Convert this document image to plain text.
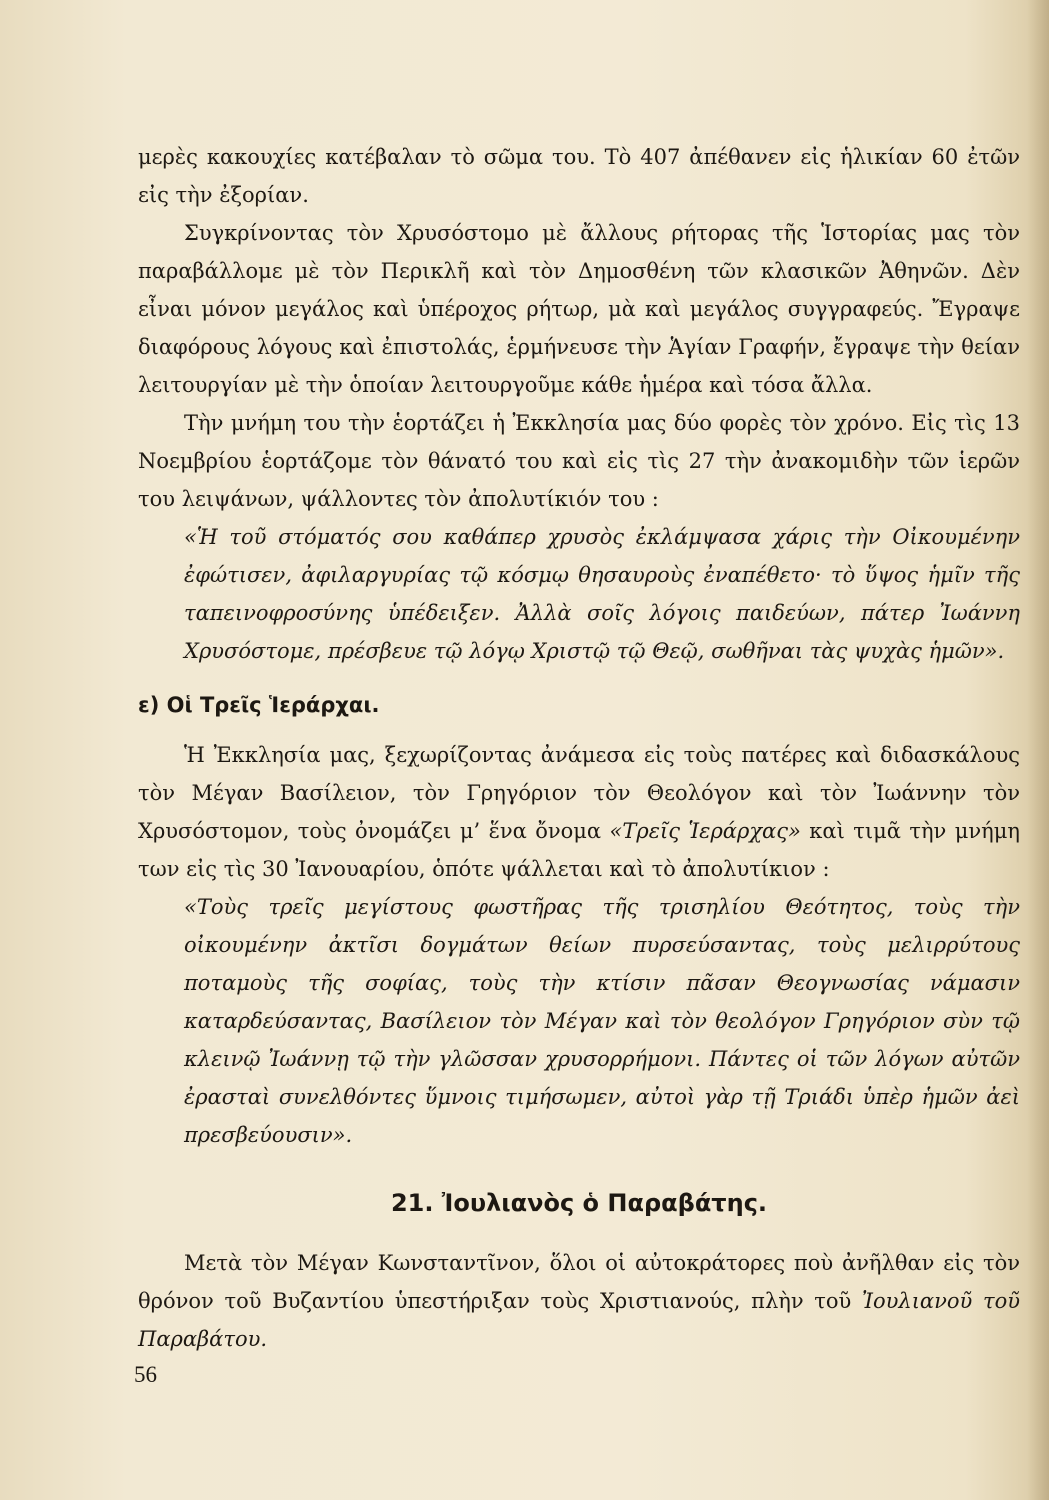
μερὲς κακουχίες κατέβαλαν τὸ σῶμα του. Τὸ 407 ἀπέθανεν εἰς ἡλικίαν 60 ἐτῶν εἰς τὴν ἐξορίαν.

Συγκρίνοντας τὸν Χρυσόστομο μὲ ἄλλους ρήτορας τῆς Ἱστορίας μας τὸν παραβάλλομε μὲ τὸν Περικλῆ καὶ τὸν Δημοσθένη τῶν κλασικῶν Ἀθηνῶν. Δὲν εἶναι μόνον μεγάλος καὶ ὑπέροχος ρήτωρ, μὰ καὶ μεγάλος συγγραφεύς. Ἔγραψε διαφόρους λόγους καὶ ἐπιστολάς, ἑρμήνευσε τὴν Ἁγίαν Γραφήν, ἔγραψε τὴν θείαν λειτουργίαν μὲ τὴν ὁποίαν λειτουργοῦμε κάθε ἡμέρα καὶ τόσα ἄλλα.

Τὴν μνήμη του τὴν ἑορτάζει ἡ Ἐκκλησία μας δύο φορὲς τὸν χρόνο. Εἰς τὶς 13 Νοεμβρίου ἑορτάζομε τὸν θάνατό του καὶ εἰς τὶς 27 τὴν ἀνακομιδὴν τῶν ἱερῶν του λειψάνων, ψάλλοντες τὸν ἀπολυτίκιόν του :

«Ἡ τοῦ στόματός σου καθάπερ χρυσὸς ἐκλάμψασα χάρις τὴν Οἰκουμένην ἐφώτισεν, ἀφιλαργυρίας τῷ κόσμῳ θησαυροὺς ἐναπέθετο· τὸ ὕψος ἡμῖν τῆς ταπεινοφροσύνης ὑπέδειξεν. Ἀλλὰ σοῖς λόγοις παιδεύων, πάτερ Ἰωάννη Χρυσόστομε, πρέσβευε τῷ λόγῳ Χριστῷ τῷ Θεῷ, σωθῆναι τὰς ψυχὰς ἡμῶν».

ε) Οἱ Τρεῖς Ἱεράρχαι.

Ἡ Ἐκκλησία μας, ξεχωρίζοντας ἀνάμεσα εἰς τοὺς πατέρες καὶ διδασκάλους τὸν Μέγαν Βασίλειον, τὸν Γρηγόριον τὸν Θεολόγον καὶ τὸν Ἰωάννην τὸν Χρυσόστομον, τοὺς ὀνομάζει μ’ ἕνα ὄνομα «Τρεῖς Ἱεράρχας» καὶ τιμᾶ τὴν μνήμη των εἰς τὶς 30 Ἰανουαρίου, ὁπότε ψάλλεται καὶ τὸ ἀπολυτίκιον :

«Τοὺς τρεῖς μεγίστους φωστῆρας τῆς τρισηλίου Θεότητος, τοὺς τὴν οἰκουμένην ἀκτῖσι δογμάτων θείων πυρσεύσαντας, τοὺς μελιρρύτους ποταμοὺς τῆς σοφίας, τοὺς τὴν κτίσιν πᾶσαν Θεογνωσίας νάμασιν καταρδεύσαντας, Βασίλειον τὸν Μέγαν καὶ τὸν θεολόγον Γρηγόριον σὺν τῷ κλεινῷ Ἰωάννῃ τῷ τὴν γλῶσσαν χρυσορρήμονι. Πάντες οἱ τῶν λόγων αὐτῶν ἐρασταὶ συνελθόντες ὕμνοις τιμήσωμεν, αὐτοὶ γὰρ τῇ Τριάδι ὑπὲρ ἡμῶν ἀεὶ πρεσβεύουσιν».

21. Ἰουλιανὸς ὁ Παραβάτης.

Μετὰ τὸν Μέγαν Κωνσταντῖνον, ὅλοι οἱ αὐτοκράτορες ποὺ ἀνῆλθαν εἰς τὸν θρόνον τοῦ Βυζαντίου ὑπεστήριξαν τοὺς Χριστιανούς, πλὴν τοῦ Ἰουλιανοῦ τοῦ Παραβάτου.

56
